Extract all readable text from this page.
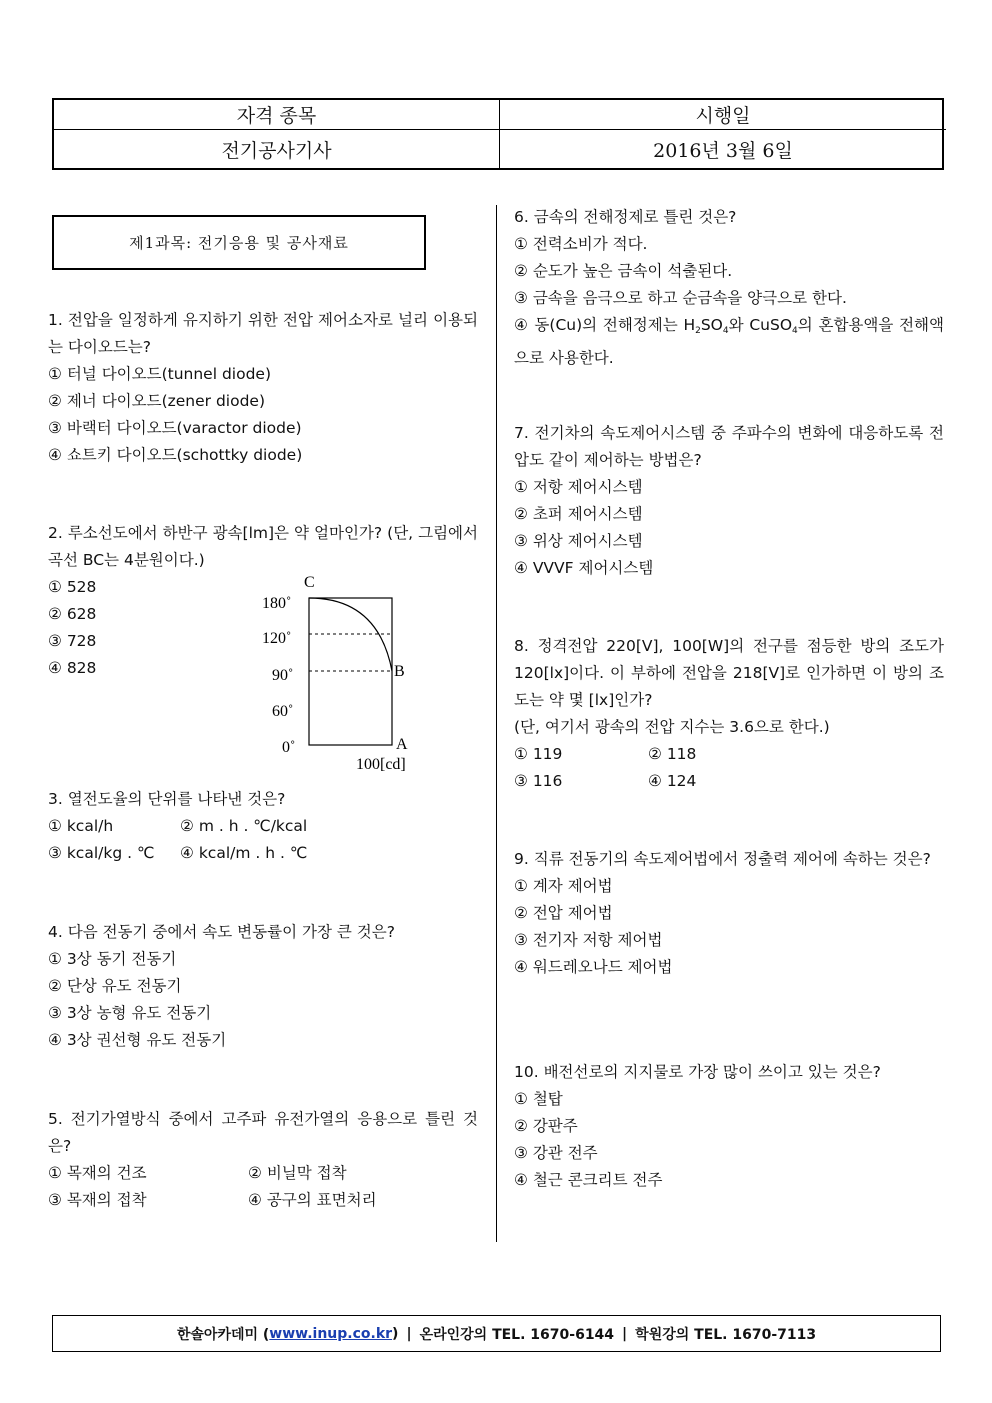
자격 종목	시행일
전기공사기사	2016년 3월 6일
제1과목: 전기응용 및 공사재료
1. 전압을 일정하게 유지하기 위한 전압 제어소자로 널리 이용되는 다이오드는?
① 터널 다이오드(tunnel diode)
② 제너 다이오드(zener diode)
③ 바랙터 다이오드(varactor diode)
④ 쇼트키 다이오드(schottky diode)
2. 루소선도에서 하반구 광속[lm]은 약 얼마인가? (단, 그림에서 곡선 BC는 4분원이다.)
① 528
② 628
③ 728
④ 828
C
180˚
120˚
90˚
60˚
0˚
B
A
100[cd]
3. 열전도율의 단위를 나타낸 것은?
① kcal/h	② m . h . ℃/kcal
③ kcal/kg . ℃	④ kcal/m . h . ℃
4. 다음 전동기 중에서 속도 변동률이 가장 큰 것은?
① 3상 동기 전동기
② 단상 유도 전동기
③ 3상 농형 유도 전동기
④ 3상 권선형 유도 전동기
5. 전기가열방식 중에서 고주파 유전가열의 응용으로 틀린 것은?
① 목재의 건조	② 비닐막 접착
③ 목재의 접착	④ 공구의 표면처리
6. 금속의 전해정제로 틀린 것은?
① 전력소비가 적다.
② 순도가 높은 금속이 석출된다.
③ 금속을 음극으로 하고 순금속을 양극으로 한다.
④ 동(Cu)의 전해정제는 $H_2SO_4$와 CuSO$_4$의 혼합용액을 전해액으로 사용한다.
7. 전기차의 속도제어시스템 중 주파수의 변화에 대응하도록 전압도 같이 제어하는 방법은?
① 저항 제어시스템
② 초퍼 제어시스템
③ 위상 제어시스템
④ VVVF 제어시스템
8. 정격전압 220[V], 100[W]의 전구를 점등한 방의 조도가 120[lx]이다. 이 부하에 전압을 218[V]로 인가하면 이 방의 조도는 약 몇 [lx]인가?
(단, 여기서 광속의 전압 지수는 3.6으로 한다.)
① 119	② 118
③ 116	④ 124
9. 직류 전동기의 속도제어법에서 정출력 제어에 속하는 것은?
① 계자 제어법
② 전압 제어법
③ 전기자 저항 제어법
④ 워드레오나드 제어법
10. 배전선로의 지지물로 가장 많이 쓰이고 있는 것은?
① 철탑
② 강판주
③ 강관 전주
④ 철근 콘크리트 전주
한솔아카데미 ( www.inup.co.kr ) | 온라인강의 TEL. 1670-6144 | 학원강의 TEL. 1670-7113
